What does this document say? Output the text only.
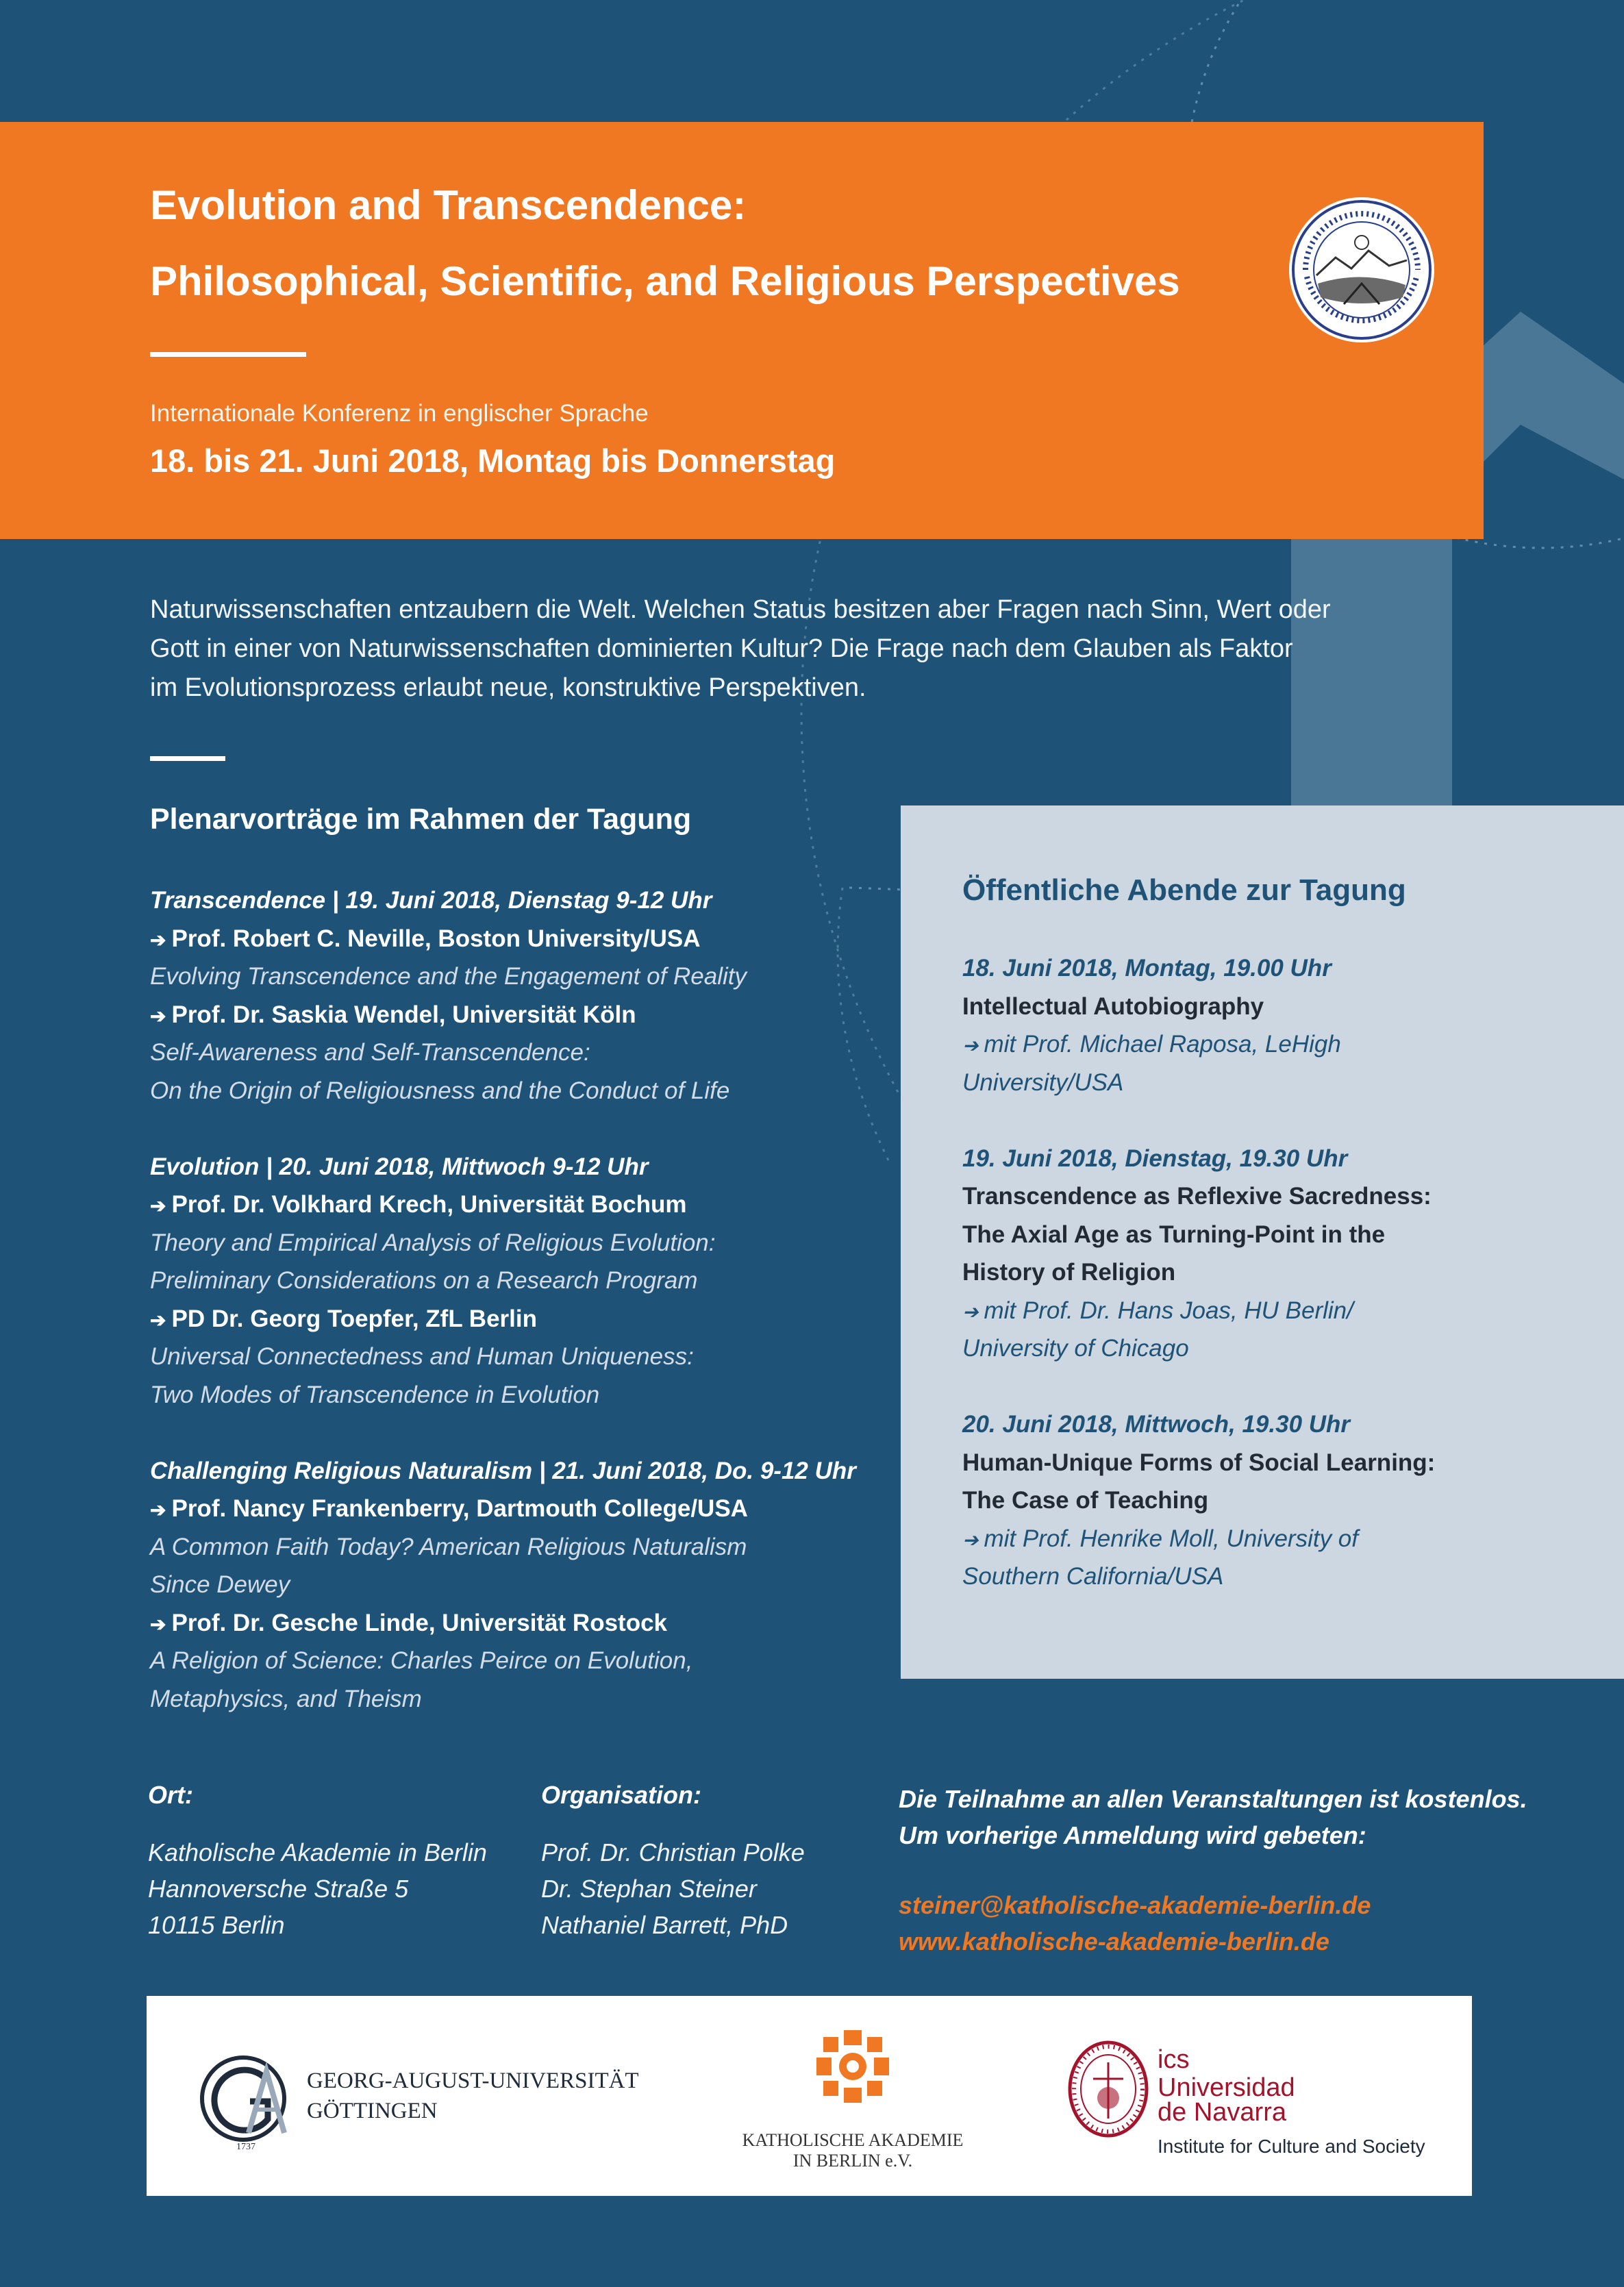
Evolution and Transcendence:
Philosophical, Scientific, and Religious Perspectives
Internationale Konferenz in englischer Sprache
18. bis 21. Juni 2018, Montag bis Donnerstag
Naturwissenschaften entzaubern die Welt. Welchen Status besitzen aber Fragen nach Sinn, Wert oder
Gott in einer von Naturwissenschaften dominierten Kultur? Die Frage nach dem Glauben als Faktor
im Evolutionsprozess erlaubt neue, konstruktive Perspektiven.
Plenarvorträge im Rahmen der Tagung
Transcendence | 19. Juni 2018, Dienstag 9-12 Uhr
➔ Prof. Robert C. Neville, Boston University/USA
Evolving Transcendence and the Engagement of Reality
➔ Prof. Dr. Saskia Wendel, Universität Köln
Self-Awareness and Self-Transcendence:
On the Origin of Religiousness and the Conduct of Life
Evolution | 20. Juni 2018, Mittwoch 9-12 Uhr
➔ Prof. Dr. Volkhard Krech, Universität Bochum
Theory and Empirical Analysis of Religious Evolution:
Preliminary Considerations on a Research Program
➔ PD Dr. Georg Toepfer, ZfL Berlin
Universal Connectedness and Human Uniqueness:
Two Modes of Transcendence in Evolution
Challenging Religious Naturalism | 21. Juni 2018, Do. 9-12 Uhr
➔ Prof. Nancy Frankenberry, Dartmouth College/USA
A Common Faith Today? American Religious Naturalism
Since Dewey
➔ Prof. Dr. Gesche Linde, Universität Rostock
A Religion of Science: Charles Peirce on Evolution,
Metaphysics, and Theism
Öffentliche Abende zur Tagung
18. Juni 2018, Montag, 19.00 Uhr
Intellectual Autobiography
➔ mit Prof. Michael Raposa, LeHigh
University/USA
19. Juni 2018, Dienstag, 19.30 Uhr
Transcendence as Reflexive Sacredness:
The Axial Age as Turning-Point in the
History of Religion
➔ mit Prof. Dr. Hans Joas, HU Berlin/
University of Chicago
20. Juni 2018, Mittwoch, 19.30 Uhr
Human-Unique Forms of Social Learning:
The Case of Teaching
➔ mit Prof. Henrike Moll, University of
Southern California/USA
Ort:
Katholische Akademie in Berlin
Hannoversche Straße 5
10115 Berlin
Organisation:
Prof. Dr. Christian Polke
Dr. Stephan Steiner
Nathaniel Barrett, PhD
Die Teilnahme an allen Veranstaltungen ist kostenlos.
Um vorherige Anmeldung wird gebeten:
steiner@katholische-akademie-berlin.de
www.katholische-akademie-berlin.de
1737
GEORG-AUGUST-UNIVERSITÄT
GÖTTINGEN
KATHOLISCHE AKADEMIE
IN BERLIN e.V.
ics
Universidad
de Navarra
Institute for Culture and Society
